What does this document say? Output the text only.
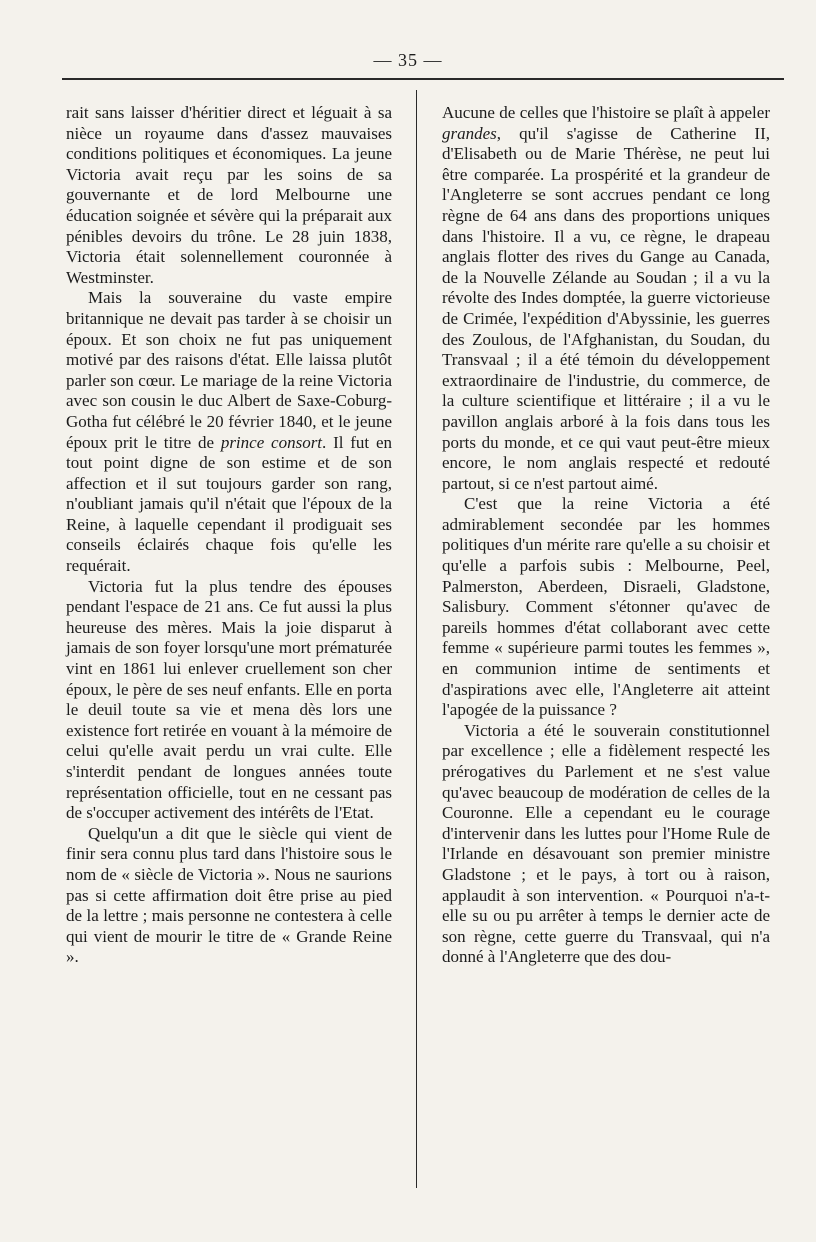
— 35 —

rait sans laisser d'héritier direct et léguait à sa nièce un royaume dans d'assez mauvaises conditions politiques et économiques. La jeune Victoria avait reçu par les soins de sa gouvernante et de lord Melbourne une éducation soignée et sévère qui la préparait aux pénibles devoirs du trône. Le 28 juin 1838, Victoria était solennellement couronnée à Westminster.

Mais la souveraine du vaste empire britannique ne devait pas tarder à se choisir un époux. Et son choix ne fut pas uniquement motivé par des raisons d'état. Elle laissa plutôt parler son cœur. Le mariage de la reine Victoria avec son cousin le duc Albert de Saxe-Coburg-Gotha fut célébré le 20 février 1840, et le jeune époux prit le titre de prince consort. Il fut en tout point digne de son estime et de son affection et il sut toujours garder son rang, n'oubliant jamais qu'il n'était que l'époux de la Reine, à laquelle cependant il prodiguait ses conseils éclairés chaque fois qu'elle les requérait.

Victoria fut la plus tendre des épouses pendant l'espace de 21 ans. Ce fut aussi la plus heureuse des mères. Mais la joie disparut à jamais de son foyer lorsqu'une mort prématurée vint en 1861 lui enlever cruellement son cher époux, le père de ses neuf enfants. Elle en porta le deuil toute sa vie et mena dès lors une existence fort retirée en vouant à la mémoire de celui qu'elle avait perdu un vrai culte. Elle s'interdit pendant de longues années toute représentation officielle, tout en ne cessant pas de s'occuper activement des intérêts de l'Etat.

Quelqu'un a dit que le siècle qui vient de finir sera connu plus tard dans l'histoire sous le nom de « siècle de Victoria ». Nous ne saurions pas si cette affirmation doit être prise au pied de la lettre ; mais personne ne contestera à celle qui vient de mourir le titre de « Grande Reine ».

Aucune de celles que l'histoire se plaît à appeler grandes, qu'il s'agisse de Catherine II, d'Elisabeth ou de Marie Thérèse, ne peut lui être comparée. La prospérité et la grandeur de l'Angleterre se sont accrues pendant ce long règne de 64 ans dans des proportions uniques dans l'histoire. Il a vu, ce règne, le drapeau anglais flotter des rives du Gange au Canada, de la Nouvelle Zélande au Soudan ; il a vu la révolte des Indes domptée, la guerre victorieuse de Crimée, l'expédition d'Abyssinie, les guerres des Zoulous, de l'Afghanistan, du Soudan, du Transvaal ; il a été témoin du développement extraordinaire de l'industrie, du commerce, de la culture scientifique et littéraire ; il a vu le pavillon anglais arboré à la fois dans tous les ports du monde, et ce qui vaut peut-être mieux encore, le nom anglais respecté et redouté partout, si ce n'est partout aimé.

C'est que la reine Victoria a été admirablement secondée par les hommes politiques d'un mérite rare qu'elle a su choisir et qu'elle a parfois subis : Melbourne, Peel, Palmerston, Aberdeen, Disraeli, Gladstone, Salisbury. Comment s'étonner qu'avec de pareils hommes d'état collaborant avec cette femme « supérieure parmi toutes les femmes », en communion intime de sentiments et d'aspirations avec elle, l'Angleterre ait atteint l'apogée de la puissance ?

Victoria a été le souverain constitutionnel par excellence ; elle a fidèlement respecté les prérogatives du Parlement et ne s'est value qu'avec beaucoup de modération de celles de la Couronne. Elle a cependant eu le courage d'intervenir dans les luttes pour l'Home Rule de l'Irlande en désavouant son premier ministre Gladstone ; et le pays, à tort ou à raison, applaudit à son intervention. « Pourquoi n'a-t-elle su ou pu arrêter à temps le dernier acte de son règne, cette guerre du Transvaal, qui n'a donné à l'Angleterre que des dou-
